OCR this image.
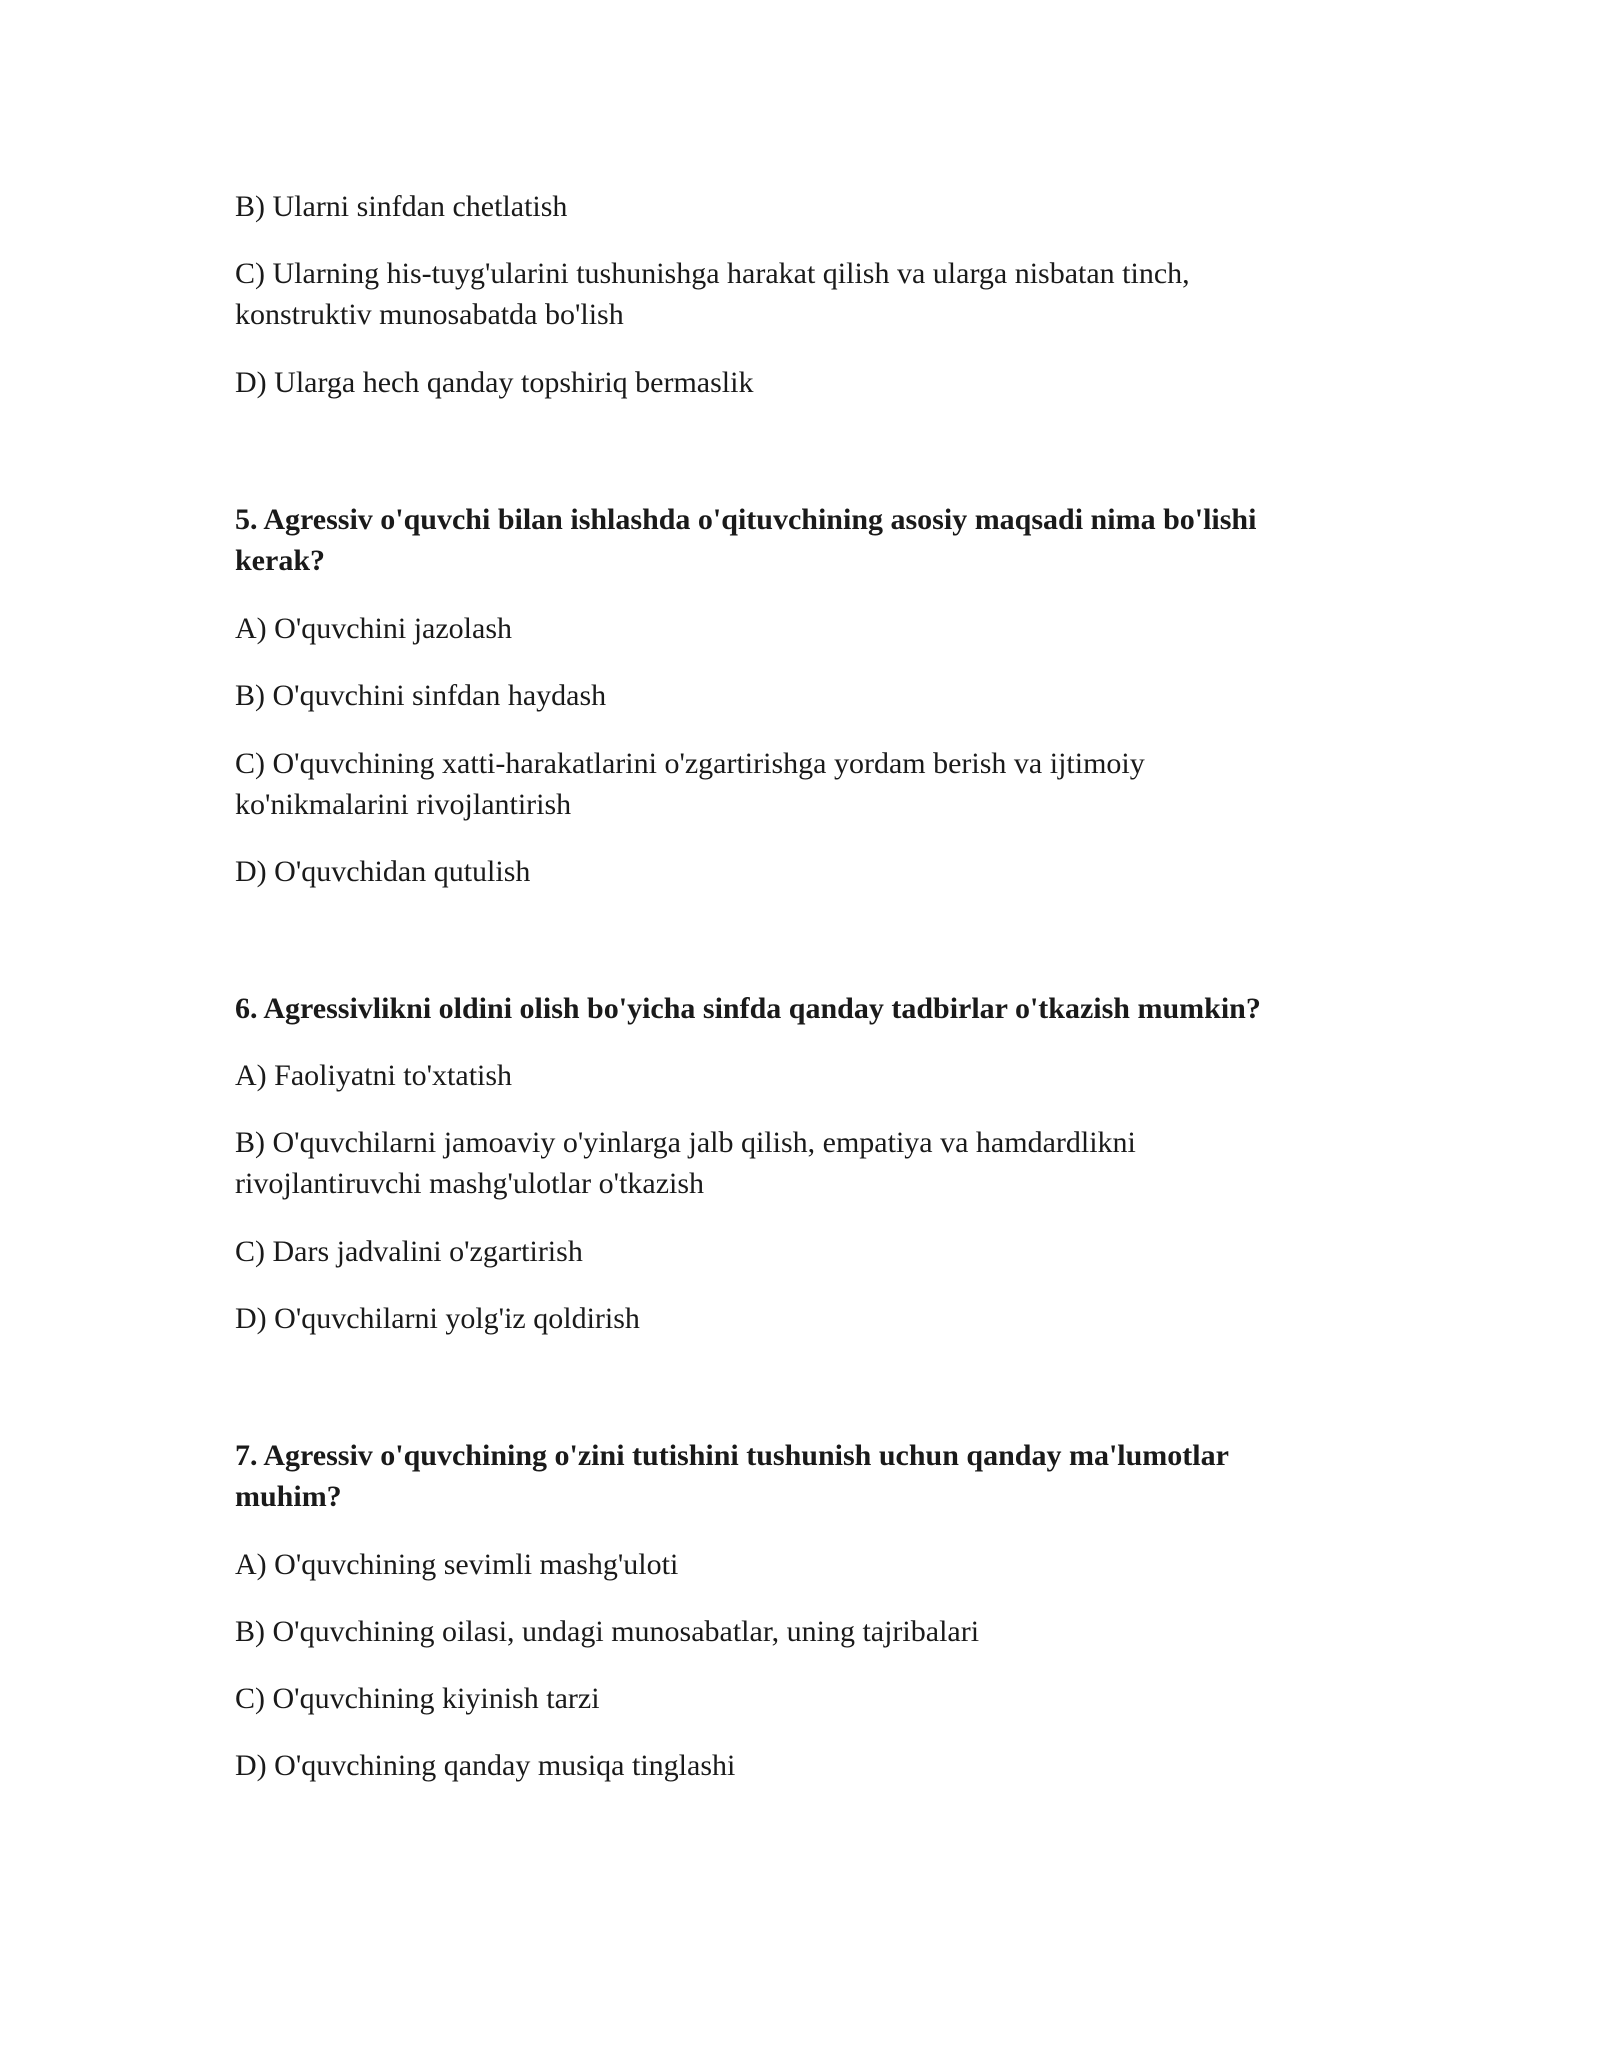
B) Ularni sinfdan chetlatish
C) Ularning his-tuyg'ularini tushunishga harakat qilish va ularga nisbatan tinch,
konstruktiv munosabatda bo'lish
D) Ularga hech qanday topshiriq bermaslik
5. Agressiv o'quvchi bilan ishlashda o'qituvchining asosiy maqsadi nima bo'lishi
kerak?
A) O'quvchini jazolash
B) O'quvchini sinfdan haydash
C) O'quvchining xatti-harakatlarini o'zgartirishga yordam berish va ijtimoiy
ko'nikmalarini rivojlantirish
D) O'quvchidan qutulish
6. Agressivlikni oldini olish bo'yicha sinfda qanday tadbirlar o'tkazish mumkin?
A) Faoliyatni to'xtatish
B) O'quvchilarni jamoaviy o'yinlarga jalb qilish, empatiya va hamdardlikni
rivojlantiruvchi mashg'ulotlar o'tkazish
C) Dars jadvalini o'zgartirish
D) O'quvchilarni yolg'iz qoldirish
7. Agressiv o'quvchining o'zini tutishini tushunish uchun qanday ma'lumotlar
muhim?
A) O'quvchining sevimli mashg'uloti
B) O'quvchining oilasi, undagi munosabatlar, uning tajribalari
C) O'quvchining kiyinish tarzi
D) O'quvchining qanday musiqa tinglashi
